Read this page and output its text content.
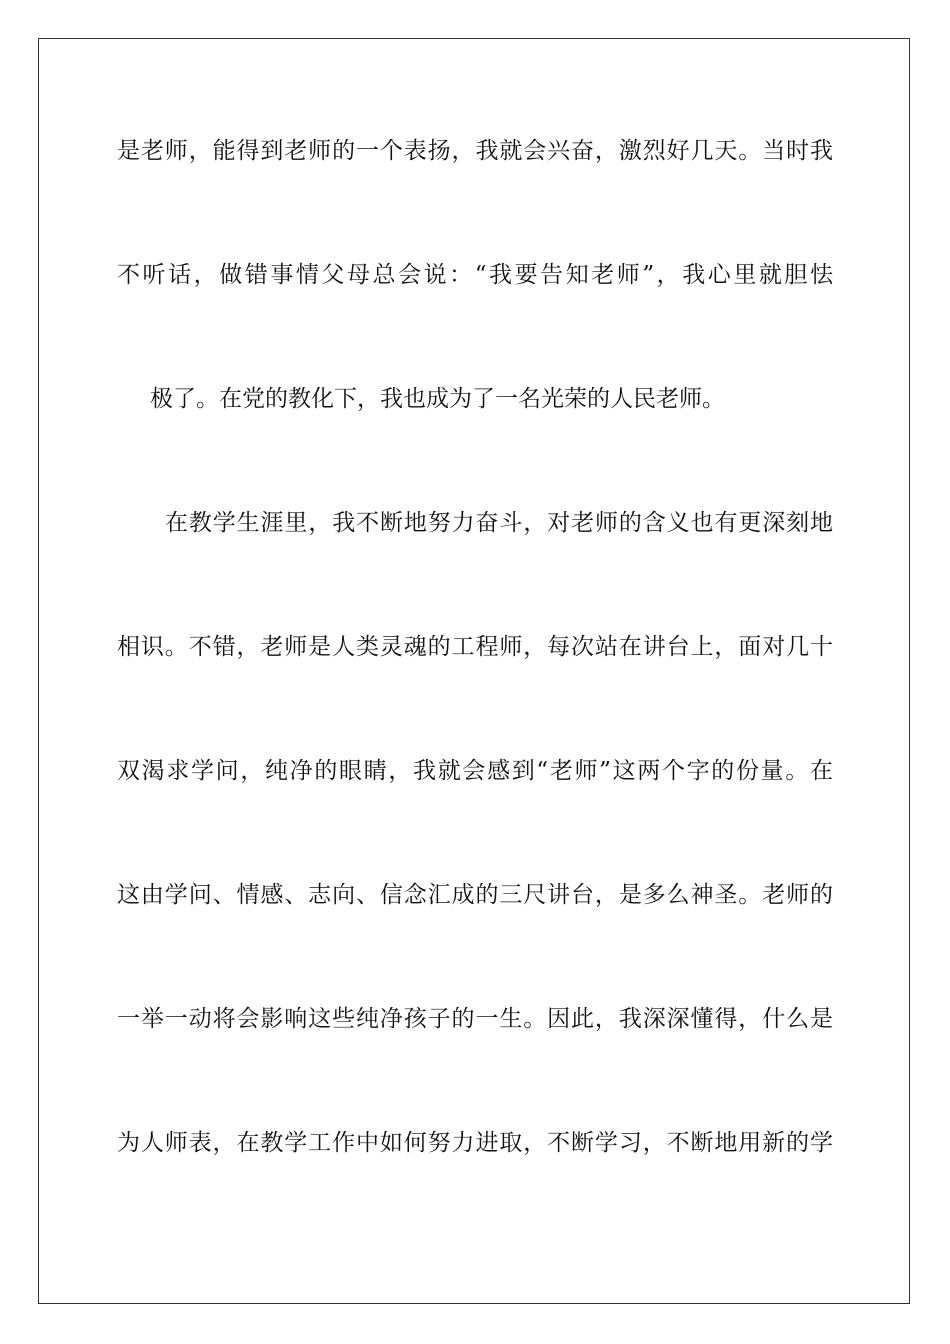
是老师，能得到老师的一个表扬，我就会兴奋，激烈好几天。当时我
不听话，做错事情父母总会说：“我要告知老师”，我心里就胆怯
极了。在党的教化下，我也成为了一名光荣的人民老师。
在教学生涯里，我不断地努力奋斗，对老师的含义也有更深刻地
相识。不错，老师是人类灵魂的工程师，每次站在讲台上，面对几十
双渴求学问，纯净的眼睛，我就会感到“老师”这两个字的份量。在
这由学问、情感、志向、信念汇成的三尺讲台，是多么神圣。老师的
一举一动将会影响这些纯净孩子的一生。因此，我深深懂得，什么是
为人师表，在教学工作中如何努力进取，不断学习，不断地用新的学
